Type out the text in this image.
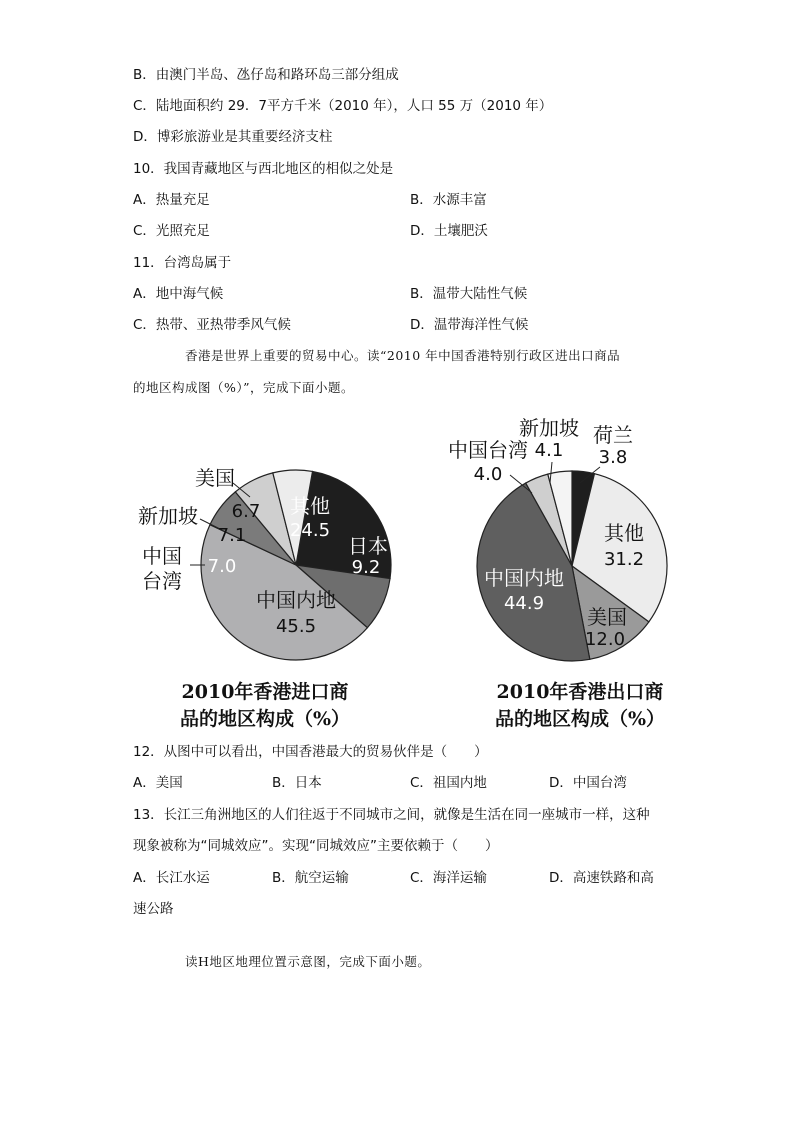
B．由澳门半岛、氹仔岛和路环岛三部分组成
C．陆地面积约 29．7平方千米（2010 年），人口 55 万（2010 年）
D．博彩旅游业是其重要经济支柱
10．我国青藏地区与西北地区的相似之处是
A．热量充足	B．水源丰富
C．光照充足	D．土壤肥沃
11．台湾岛属于
A．地中海气候	B．温带大陆性气候
C．热带、亚热带季风气候	D．温带海洋性气候
香港是世界上重要的贸易中心。读“2010 年中国香港特别行政区进出口商品
的地区构成图（%）”，完成下面小题。
其他
24.5
日本
9.2
中国内地
45.5
中国
台湾
7.0
新加坡
7.1
美国
6.7
2010年香港进口商
品的地区构成（%）
荷兰
3.8
其他
31.2
美国
12.0
中国内地
44.9
中国台湾
4.0
新加坡
4.1
2010年香港出口商
品的地区构成（%）
12．从图中可以看出，中国香港最大的贸易伙伴是（　　）
A．美国	B．日本	C．祖国内地	D．中国台湾
13．长江三角洲地区的人们往返于不同城市之间，就像是生活在同一座城市一样，这种
现象被称为“同城效应”。实现“同城效应”主要依赖于（　　）
A．长江水运	B．航空运输	C．海洋运输	D．高速铁路和高
速公路
读H地区地理位置示意图，完成下面小题。
